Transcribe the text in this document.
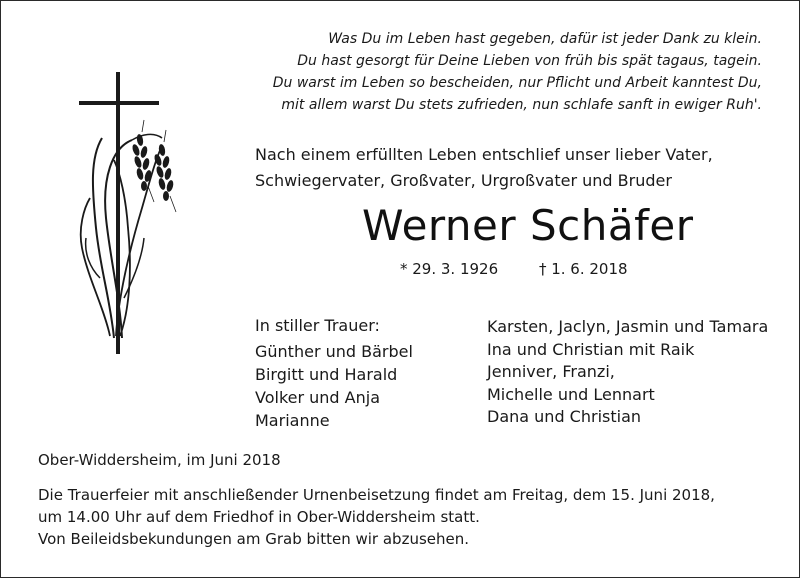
Was Du im Leben hast gegeben, dafür ist jeder Dank zu klein.
Du hast gesorgt für Deine Lieben von früh bis spät tagaus, tagein.
Du warst im Leben so bescheiden, nur Pflicht und Arbeit kanntest Du,
mit allem warst Du stets zufrieden, nun schlafe sanft in ewiger Ruh'.
Nach einem erfüllten Leben entschlief unser lieber Vater,
Schwiegervater, Großvater, Urgroßvater und Bruder
Werner Schäfer
* 29. 3. 1926	† 1. 6. 2018
In stiller Trauer:
Günther und Bärbel
Birgitt und Harald
Volker und Anja
Marianne
Karsten, Jaclyn, Jasmin und Tamara
Ina und Christian mit Raik
Jenniver, Franzi,
Michelle und Lennart
Dana und Christian
Ober-Widdersheim, im Juni 2018
Die Trauerfeier mit anschließender Urnenbeisetzung findet am Freitag, dem 15. Juni 2018,
um 14.00 Uhr auf dem Friedhof in Ober-Widdersheim statt.
Von Beileidsbekundungen am Grab bitten wir abzusehen.
